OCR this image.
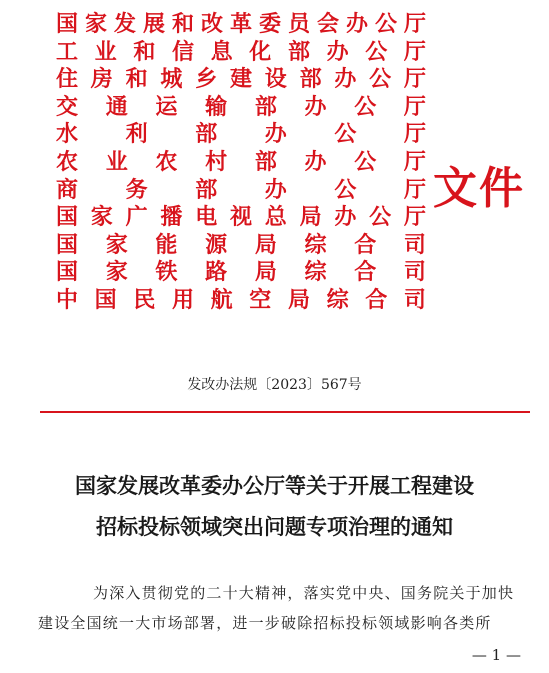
国 家 发 展 和 改 革 委 员 会 办 公 厅
工 业 和 信 息 化 部 办 公 厅
住 房 和 城 乡 建 设 部 办 公 厅
交 通 运 输 部 办 公 厅
水 利 部 办 公 厅
农 业 农 村 部 办 公 厅
商 务 部 办 公 厅
国 家 广 播 电 视 总 局 办 公 厅
国 家 能 源 局 综 合 司
国 家 铁 路 局 综 合 司
中 国 民 用 航 空 局 综 合 司
文件
发改办法规〔2023〕567号
国家发展改革委办公厅等关于开展工程建设
招标投标领域突出问题专项治理的通知
为深入贯彻党的二十大精神，落实党中央、国务院关于加快
建设全国统一大市场部署，进一步破除招标投标领域影响各类所
— 1 —
